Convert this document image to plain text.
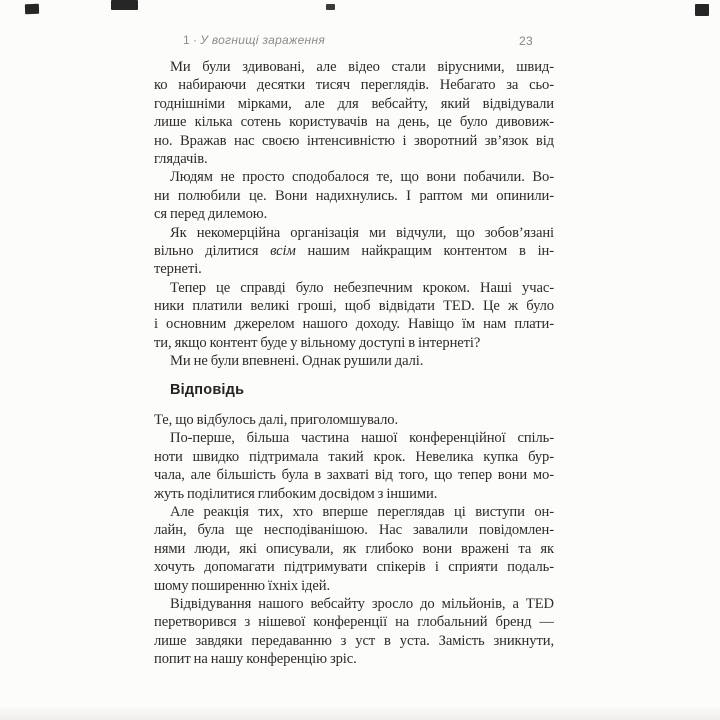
1 · У вогнищі зараження	23
Ми були здивовані, але відео стали вірусними, швид-
ко набираючи десятки тисяч переглядів. Небагато за сьо-
годнішніми мірками, але для вебсайту, який відвідували
лише кілька сотень користувачів на день, це було дивовиж-
но. Вражав нас своєю інтенсивністю і зворотний зв’язок від
глядачів.
Людям не просто сподобалося те, що вони побачили. Во-
ни полюбили це. Вони надихнулись. І раптом ми опинили-
ся перед дилемою.
Як некомерційна організація ми відчули, що зобов’язані
вільно ділитися всім нашим найкращим контентом в ін-
тернеті.
Тепер це справді було небезпечним кроком. Наші учас-
ники платили великі гроші, щоб відвідати TED. Це ж було
і основним джерелом нашого доходу. Навіщо їм нам плати-
ти, якщо контент буде у вільному доступі в інтернеті?
Ми не були впевнені. Однак рушили далі.
Відповідь
Те, що відбулось далі, приголомшувало.
По-перше, більша частина нашої конференційної спіль-
ноти швидко підтримала такий крок. Невелика купка бур-
чала, але більшість була в захваті від того, що тепер вони мо-
жуть поділитися глибоким досвідом з іншими.
Але реакція тих, хто вперше переглядав ці виступи он-
лайн, була ще несподіванішою. Нас завалили повідомлен-
нями люди, які описували, як глибоко вони вражені та як
хочуть допомагати підтримувати спікерів і сприяти подаль-
шому поширенню їхніх ідей.
Відвідування нашого вебсайту зросло до мільйонів, а TED
перетворився з нішевої конференції на глобальний бренд —
лише завдяки передаванню з уст в уста. Замість зникнути,
попит на нашу конференцію зріс.
